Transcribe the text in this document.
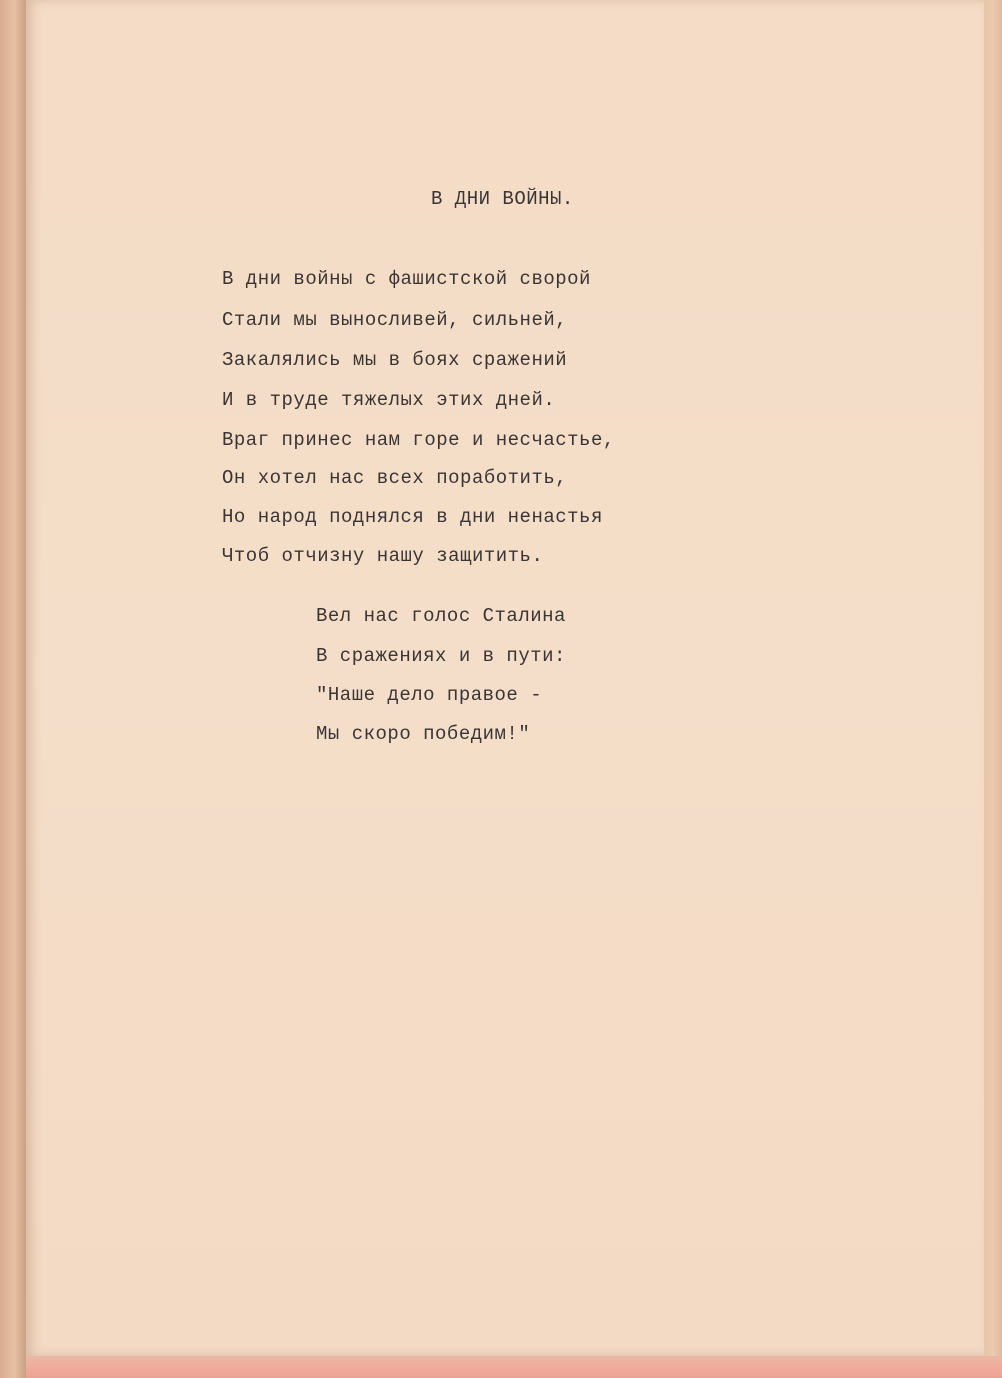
В ДНИ ВОЙНЫ.
В дни войны с фашистской сворой
Стали мы выносливей, сильней,
Закалялись мы в боях сражений
И в труде тяжелых этих дней.
Враг принес нам горе и несчастье,
Он хотел нас всех поработить,
Но народ поднялся в дни ненастья
Чтоб отчизну нашу защитить.
Вел нас голос Сталина
В сражениях и в пути:
"Наше дело правое -
Мы скоро победим!"
